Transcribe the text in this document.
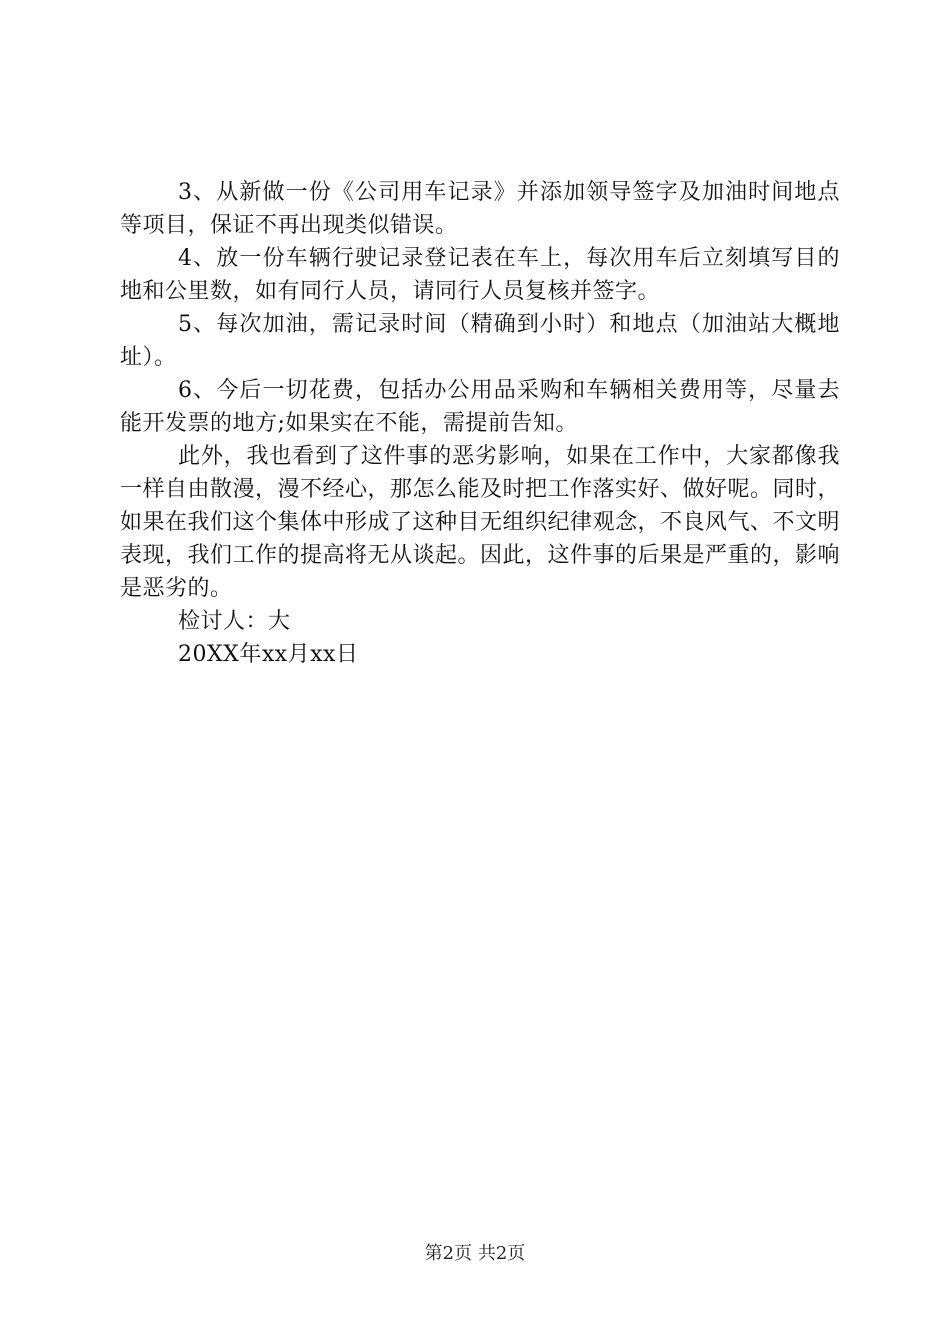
3、从新做一份《公司用车记录》并添加领导签字及加油时间地点等项目，保证不再出现类似错误。

4、放一份车辆行驶记录登记表在车上，每次用车后立刻填写目的地和公里数，如有同行人员，请同行人员复核并签字。

5、每次加油，需记录时间（精确到小时）和地点（加油站大概地址）。

6、今后一切花费，包括办公用品采购和车辆相关费用等，尽量去能开发票的地方;如果实在不能，需提前告知。

此外，我也看到了这件事的恶劣影响，如果在工作中，大家都像我一样自由散漫，漫不经心，那怎么能及时把工作落实好、做好呢。同时，如果在我们这个集体中形成了这种目无组织纪律观念，不良风气、不文明表现，我们工作的提高将无从谈起。因此，这件事的后果是严重的，影响是恶劣的。

检讨人：大

20XX年xx月xx日

第2页 共2页
